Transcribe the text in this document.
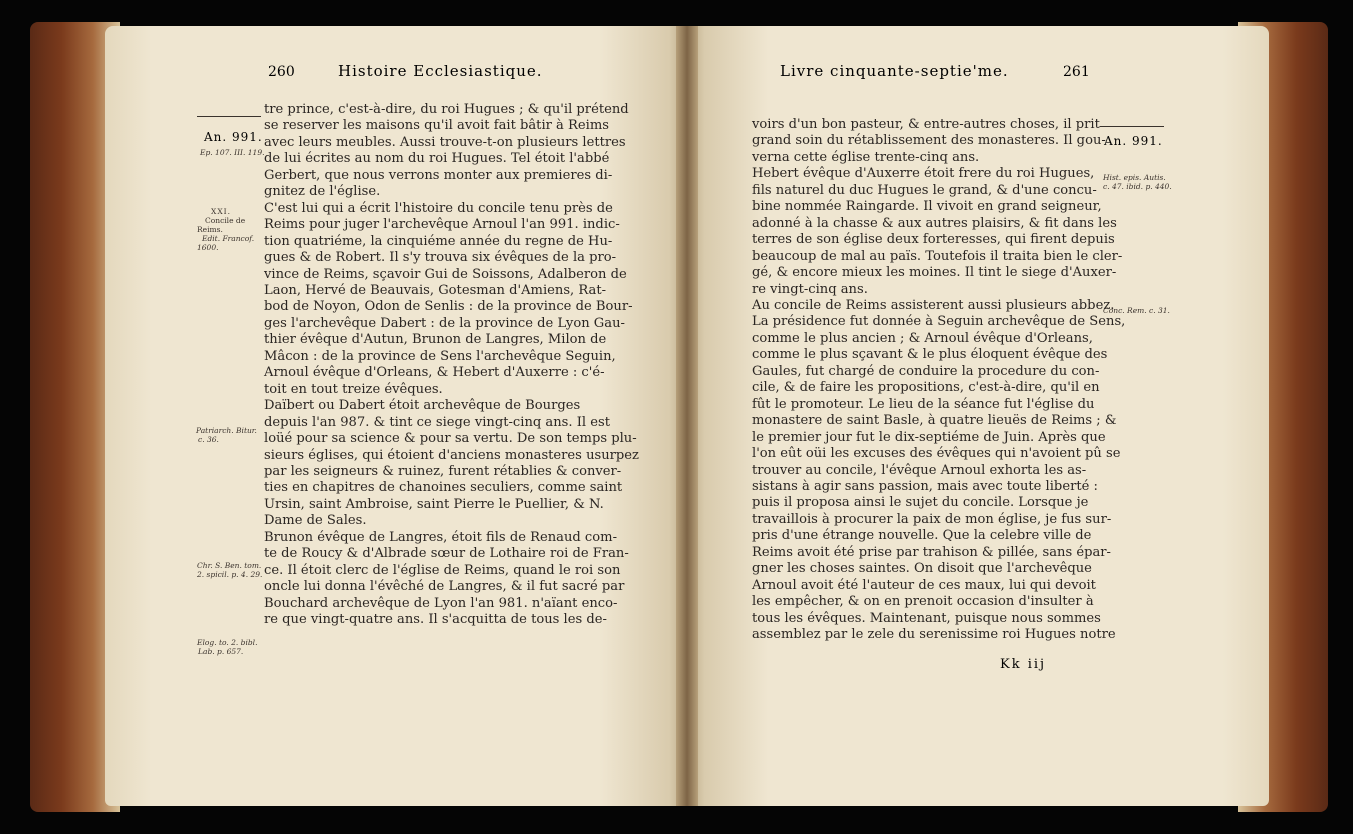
260	Histoire Ecclesiastique.
An. 991.
Ep. 107. III. 119.
XXI.
Concile de
Reims.
Edit. Francof.
1600.
Patriarch. Bitur.
c. 36.
Chr. S. Ben. tom.
2. spicil. p. 4. 29.
Elog. to. 2. bibl.
Lab. p. 657.
tre prince, c'est-à-dire, du roi Hugues ; & qu'il prétend
se reserver les maisons qu'il avoit fait bâtir à Reims
avec leurs meubles. Aussi trouve-t-on plusieurs lettres
de lui écrites au nom du roi Hugues. Tel étoit l'abbé
Gerbert, que nous verrons monter aux premieres di-
gnitez de l'église.
C'est lui qui a écrit l'histoire du concile tenu près de
Reims pour juger l'archevêque Arnoul l'an 991. indic-
tion quatriéme, la cinquiéme année du regne de Hu-
gues & de Robert. Il s'y trouva six évêques de la pro-
vince de Reims, sçavoir Gui de Soissons, Adalberon de
Laon, Hervé de Beauvais, Gotesman d'Amiens, Rat-
bod de Noyon, Odon de Senlis : de la province de Bour-
ges l'archevêque Dabert : de la province de Lyon Gau-
thier évêque d'Autun, Brunon de Langres, Milon de
Mâcon : de la province de Sens l'archevêque Seguin,
Arnoul évêque d'Orleans, & Hebert d'Auxerre : c'é-
toit en tout treize évêques.
Daïbert ou Dabert étoit archevêque de Bourges
depuis l'an 987. & tint ce siege vingt-cinq ans. Il est
loüé pour sa science & pour sa vertu. De son temps plu-
sieurs églises, qui étoient d'anciens monasteres usurpez
par les seigneurs & ruinez, furent rétablies & conver-
ties en chapitres de chanoines seculiers, comme saint
Ursin, saint Ambroise, saint Pierre le Puellier, & N.
Dame de Sales.
Brunon évêque de Langres, étoit fils de Renaud com-
te de Roucy & d'Albrade sœur de Lothaire roi de Fran-
ce. Il étoit clerc de l'église de Reims, quand le roi son
oncle lui donna l'évêché de Langres, & il fut sacré par
Bouchard archevêque de Lyon l'an 981. n'aïant enco-
re que vingt-quatre ans. Il s'acquitta de tous les de-
Livre cinquante-septie'me.	261
An. 991.
Hist. epis. Autis.
c. 47. ibid. p. 440.
Conc. Rem. c. 31.
voirs d'un bon pasteur, & entre-autres choses, il prit
grand soin du rétablissement des monasteres. Il gou-
verna cette église trente-cinq ans.
Hebert évêque d'Auxerre étoit frere du roi Hugues,
fils naturel du duc Hugues le grand, & d'une concu-
bine nommée Raingarde. Il vivoit en grand seigneur,
adonné à la chasse & aux autres plaisirs, & fit dans les
terres de son église deux forteresses, qui firent depuis
beaucoup de mal au païs. Toutefois il traita bien le cler-
gé, & encore mieux les moines. Il tint le siege d'Auxer-
re vingt-cinq ans.
Au concile de Reims assisterent aussi plusieurs abbez.
La présidence fut donnée à Seguin archevêque de Sens,
comme le plus ancien ; & Arnoul évêque d'Orleans,
comme le plus sçavant & le plus éloquent évêque des
Gaules, fut chargé de conduire la procedure du con-
cile, & de faire les propositions, c'est-à-dire, qu'il en
fût le promoteur. Le lieu de la séance fut l'église du
monastere de saint Basle, à quatre lieuës de Reims ; &
le premier jour fut le dix-septiéme de Juin. Après que
l'on eût oüi les excuses des évêques qui n'avoient pû se
trouver au concile, l'évêque Arnoul exhorta les as-
sistans à agir sans passion, mais avec toute liberté :
puis il proposa ainsi le sujet du concile. Lorsque je
travaillois à procurer la paix de mon église, je fus sur-
pris d'une étrange nouvelle. Que la celebre ville de
Reims avoit été prise par trahison & pillée, sans épar-
gner les choses saintes. On disoit que l'archevêque
Arnoul avoit été l'auteur de ces maux, lui qui devoit
les empêcher, & on en prenoit occasion d'insulter à
tous les évêques. Maintenant, puisque nous sommes
assemblez par le zele du serenissime roi Hugues notre
Kk iij
